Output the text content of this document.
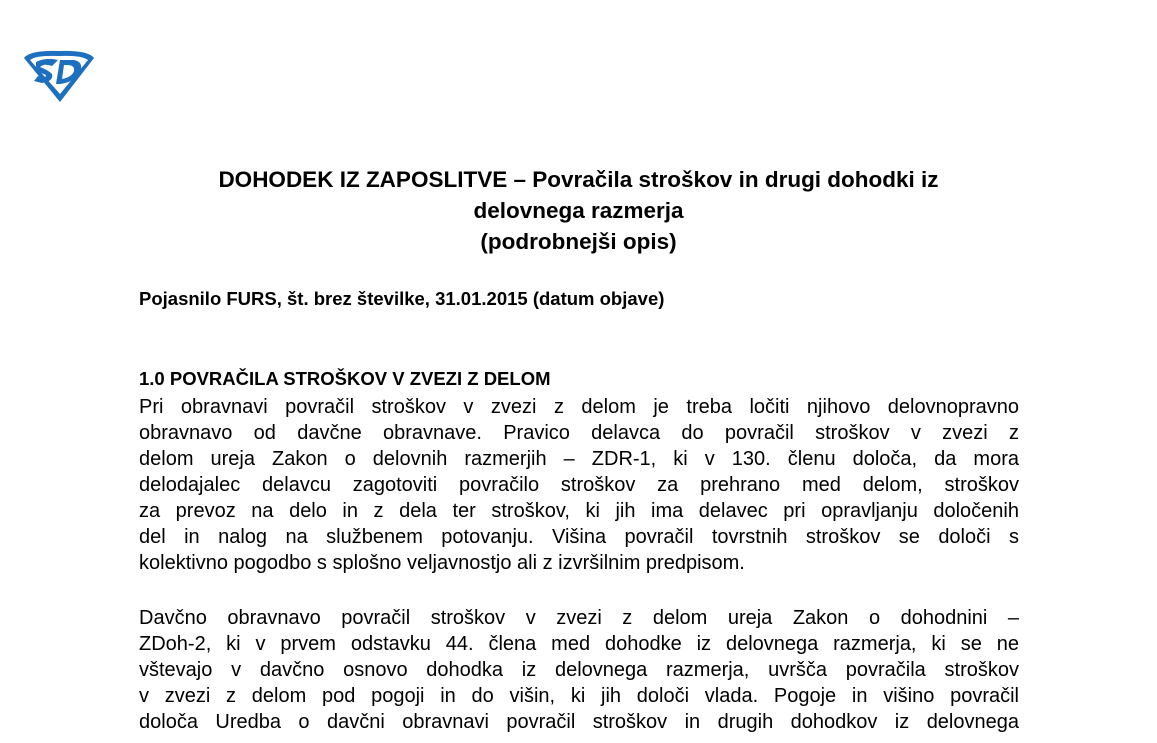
SD
DOHODEK IZ ZAPOSLITVE – Povračila stroškov in drugi dohodki iz
delovnega razmerja
(podrobnejši opis)
Pojasnilo FURS, št. brez številke, 31.01.2015 (datum objave)
1.0 POVRAČILA STROŠKOV V ZVEZI Z DELOM
Pri obravnavi povračil stroškov v zvezi z delom je treba ločiti njihovo delovnopravno
obravnavo od davčne obravnave. Pravico delavca do povračil stroškov v zvezi z
delom ureja Zakon o delovnih razmerjih – ZDR-1, ki v 130. členu določa, da mora
delodajalec delavcu zagotoviti povračilo stroškov za prehrano med delom, stroškov
za prevoz na delo in z dela ter stroškov, ki jih ima delavec pri opravljanju določenih
del in nalog na službenem potovanju. Višina povračil tovrstnih stroškov se določi s
kolektivno pogodbo s splošno veljavnostjo ali z izvršilnim predpisom.
Davčno obravnavo povračil stroškov v zvezi z delom ureja Zakon o dohodnini –
ZDoh-2, ki v prvem odstavku 44. člena med dohodke iz delovnega razmerja, ki se ne
vštevajo v davčno osnovo dohodka iz delovnega razmerja, uvršča povračila stroškov
v zvezi z delom pod pogoji in do višin, ki jih določi vlada. Pogoje in višino povračil
določa Uredba o davčni obravnavi povračil stroškov in drugih dohodkov iz delovnega
